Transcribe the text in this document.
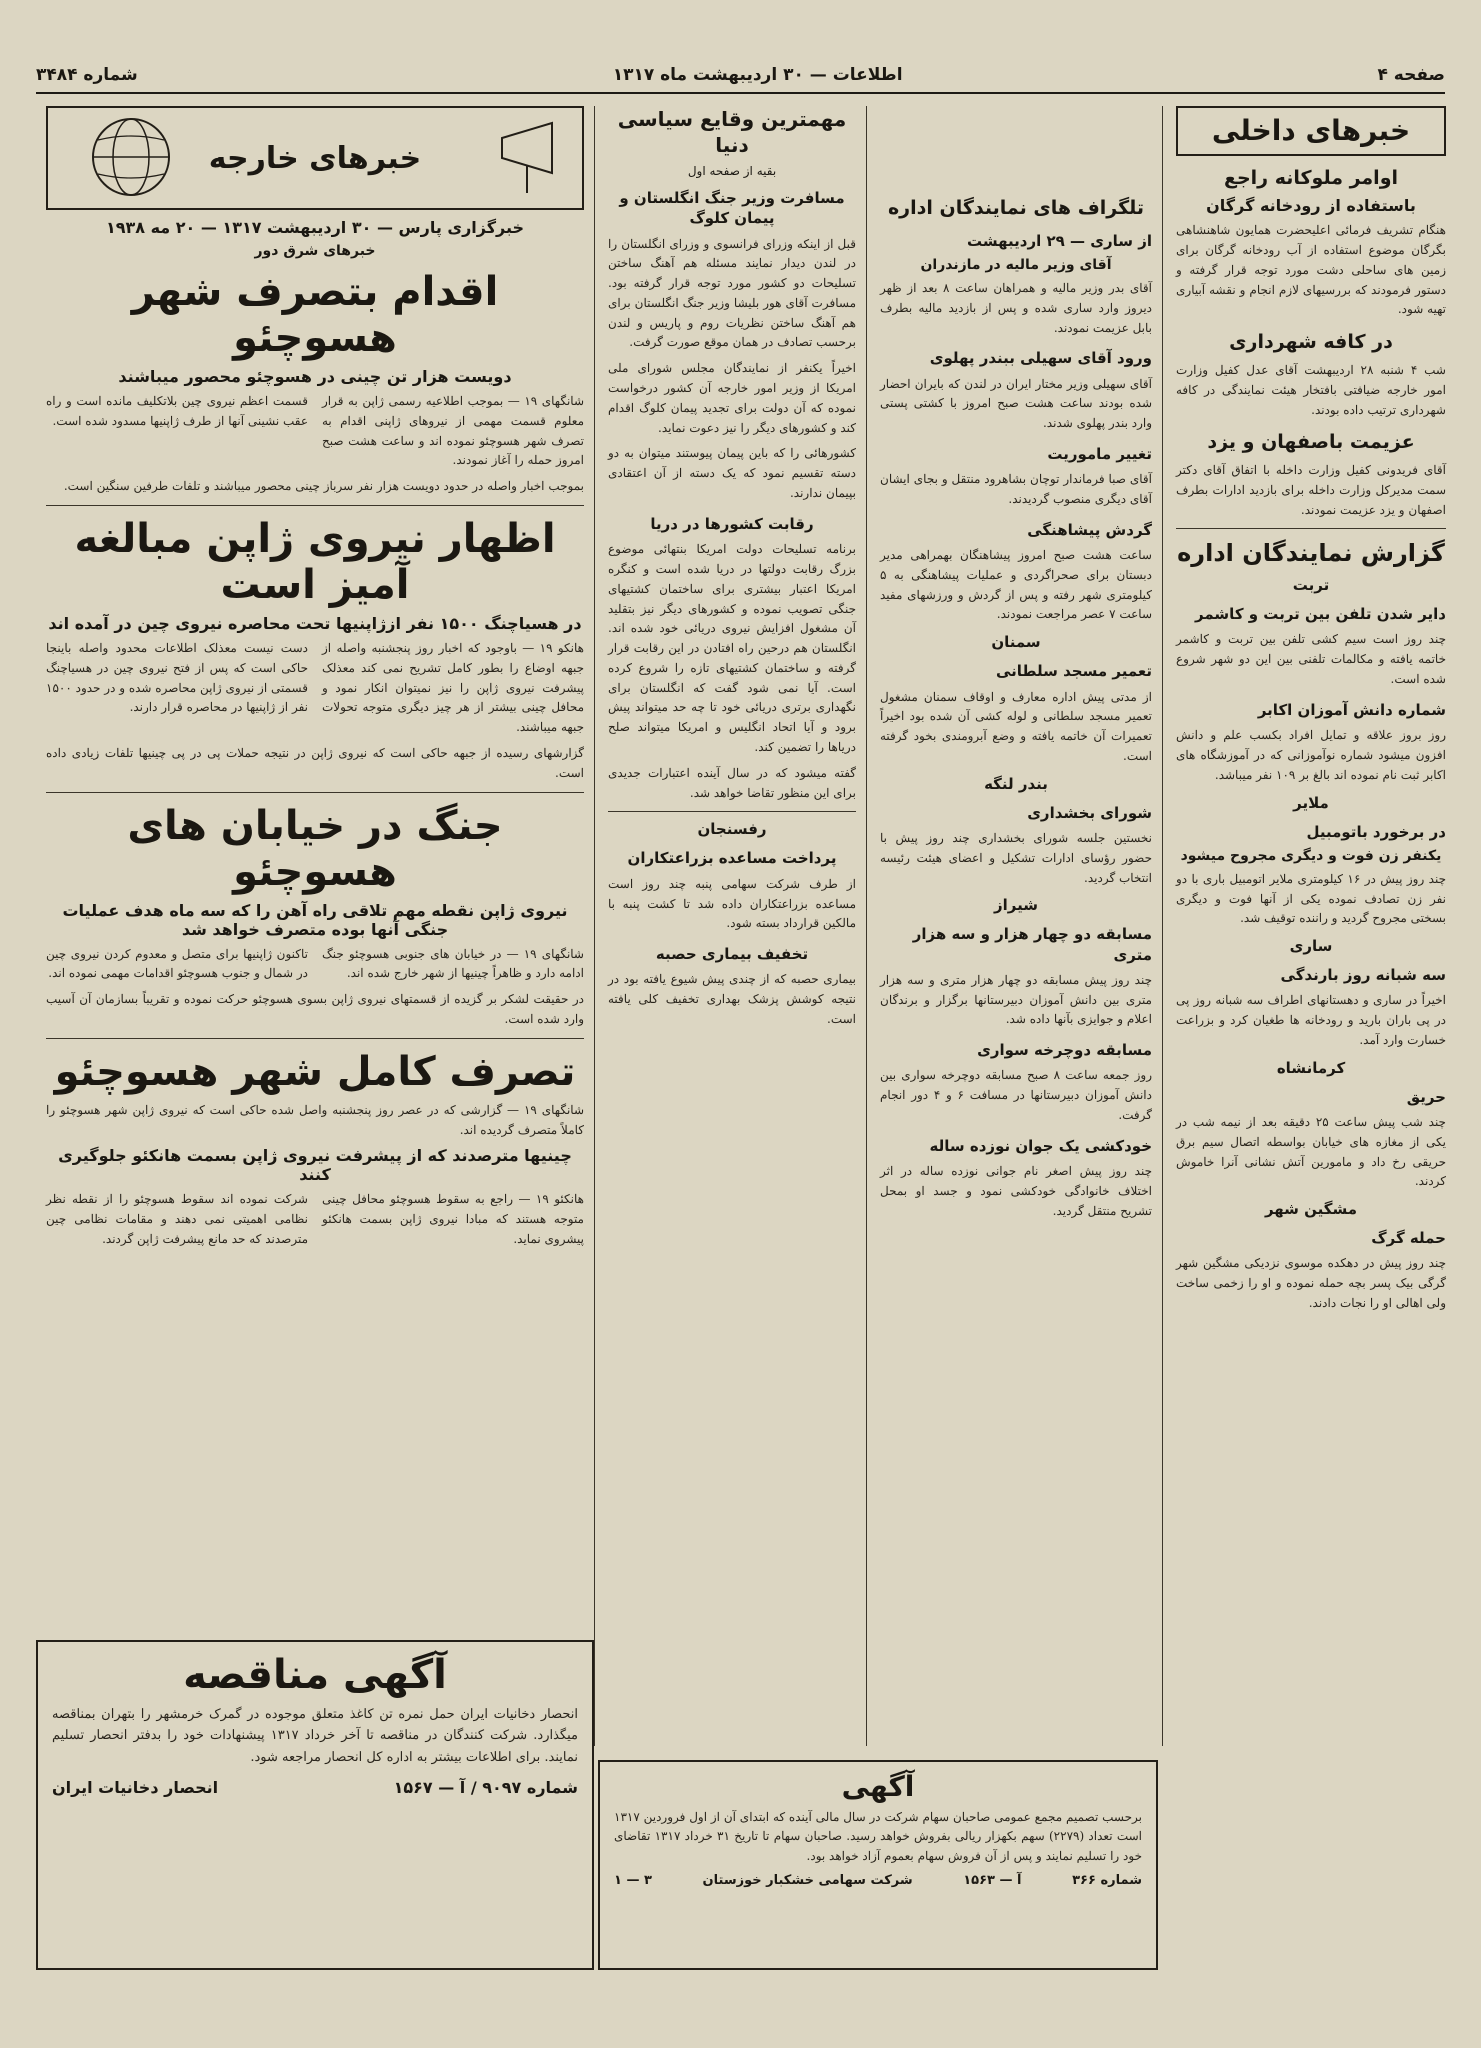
صفحه ۴
اطلاعات — ۳۰ اردیبهشت ماه ۱۳۱۷
شماره ۳۴۸۴
خبرهای داخلی
اوامر ملوکانه راجع
باستفاده از رودخانه گرگان

هنگام تشریف فرمائی اعلیحضرت همایون شاهنشاهی بگرگان موضوع استفاده از آب رودخانه گرگان برای زمین های ساحلی دشت مورد توجه قرار گرفته و دستور فرمودند که بررسیهای لازم انجام و نقشه آبیاری تهیه شود.

در کافه شهرداری

شب ۴ شنبه ۲۸ اردیبهشت آقای عدل کفیل وزارت امور خارجه ضیافتی بافتخار هیئت نمایندگی در کافه شهرداری ترتیب داده بودند.

عزیمت باصفهان و یزد

آقای فریدونی کفیل وزارت داخله با اتفاق آقای دکتر سمت مدیرکل وزارت داخله برای بازدید ادارات بطرف اصفهان و یزد عزیمت نمودند.

گزارش نمایندگان اداره
تربت
دایر شدن تلفن بین تربت و کاشمر

چند روز است سیم کشی تلفن بین تربت و کاشمر خاتمه یافته و مکالمات تلفنی بین این دو شهر شروع شده است.

شماره دانش آموزان اکابر

روز بروز علاقه و تمایل افراد بکسب علم و دانش افزون میشود شماره نوآموزانی که در آموزشگاه های اکابر ثبت نام نموده اند بالغ بر ۱۰۹ نفر میباشد.

ملایر
در برخورد باتومبیل
یکنفر زن فوت و دیگری مجروح میشود

چند روز پیش در ۱۶ کیلومتری ملایر اتومبیل باری با دو نفر زن تصادف نموده یکی از آنها فوت و دیگری بسختی مجروح گردید و راننده توقیف شد.

ساری
سه شبانه روز بارندگی

اخیراً در ساری و دهستانهای اطراف سه شبانه روز پی در پی باران بارید و رودخانه ها طغیان کرد و بزراعت خسارت وارد آمد.

کرمانشاه
حریق

چند شب پیش ساعت ۲۵ دقیقه بعد از نیمه شب در یکی از مغازه های خیابان بواسطه اتصال سیم برق حریقی رخ داد و مامورین آتش نشانی آنرا خاموش کردند.

مشگین شهر
حمله گرگ

چند روز پیش در دهکده موسوی نزدیکی مشگین شهر گرگی بیک پسر بچه حمله نموده و او را زخمی ساخت ولی اهالی او را نجات دادند.

تلگراف های نمایندگان اداره
از ساری — ۲۹ اردیبهشت
آقای وزیر مالیه در مازندران

آقای بدر وزیر مالیه و همراهان ساعت ۸ بعد از ظهر دیروز وارد ساری شده و پس از بازدید مالیه بطرف بابل عزیمت نمودند.

ورود آقای سهیلی ببندر پهلوی

آقای سهیلی وزیر مختار ایران در لندن که بایران احضار شده بودند ساعت هشت صبح امروز با کشتی پستی وارد بندر پهلوی شدند.

تغییر ماموریت

آقای صبا فرماندار توچان بشاهرود منتقل و بجای ایشان آقای دیگری منصوب گردیدند.

گردش پیشاهنگی

ساعت هشت صبح امروز پیشاهنگان بهمراهی مدیر دبستان برای صحراگردی و عملیات پیشاهنگی به ۵ کیلومتری شهر رفته و پس از گردش و ورزشهای مفید ساعت ۷ عصر مراجعت نمودند.

سمنان
تعمیر مسجد سلطانی

از مدتی پیش اداره معارف و اوقاف سمنان مشغول تعمیر مسجد سلطانی و لوله کشی آن شده بود اخیراً تعمیرات آن خاتمه یافته و وضع آبرومندی بخود گرفته است.

بندر لنگه
شورای بخشداری

نخستین جلسه شورای بخشداری چند روز پیش با حضور رؤسای ادارات تشکیل و اعضای هیئت رئیسه انتخاب گردید.

شیراز
مسابقه دو چهار هزار و سه هزار متری

چند روز پیش مسابقه دو چهار هزار متری و سه هزار متری بین دانش آموزان دبیرستانها برگزار و برندگان اعلام و جوایزی بآنها داده شد.

مسابقه دوچرخه سواری

روز جمعه ساعت ۸ صبح مسابقه دوچرخه سواری بین دانش آموزان دبیرستانها در مسافت ۶ و ۴ دور انجام گرفت.

خودکشی یک جوان نوزده ساله

چند روز پیش اصغر نام جوانی نوزده ساله در اثر اختلاف خانوادگی خودکشی نمود و جسد او بمحل تشریح منتقل گردید.

مهمترین وقایع سیاسی دنیا
بقیه از صفحه اول
مسافرت وزیر جنگ انگلستان و پیمان کلوگ

قبل از اینکه وزرای فرانسوی و وزرای انگلستان را در لندن دیدار نمایند مسئله هم آهنگ ساختن تسلیحات دو کشور مورد توجه قرار گرفته بود. مسافرت آقای هور بلیشا وزیر جنگ انگلستان برای هم آهنگ ساختن نظریات روم و پاریس و لندن برحسب تصادف در همان موقع صورت گرفت.

اخیراً یکنفر از نمایندگان مجلس شورای ملی امریکا از وزیر امور خارجه آن کشور درخواست نموده که آن دولت برای تجدید پیمان کلوگ اقدام کند و کشورهای دیگر را نیز دعوت نماید.

کشورهائی را که باین پیمان پیوستند میتوان به دو دسته تقسیم نمود که یک دسته از آن اعتقادی بپیمان ندارند.

رقابت کشورها در دریا

برنامه تسلیحات دولت امریکا بنتهائی موضوع بزرگ رقابت دولتها در دریا شده است و کنگره امریکا اعتبار بیشتری برای ساختمان کشتیهای جنگی تصویب نموده و کشورهای دیگر نیز بتقلید آن مشغول افزایش نیروی دریائی خود شده اند. انگلستان هم درحین راه افتادن در این رقابت قرار گرفته و ساختمان کشتیهای تازه را شروع کرده است. آیا نمی شود گفت که انگلستان برای نگهداری برتری دریائی خود تا چه حد میتواند پیش برود و آیا اتحاد انگلیس و امریکا میتواند صلح دریاها را تضمین کند.

گفته میشود که در سال آینده اعتبارات جدیدی برای این منظور تقاضا خواهد شد.

رفسنجان
پرداخت مساعده بزراعتکاران

از طرف شرکت سهامی پنبه چند روز است مساعده بزراعتکاران داده شد تا کشت پنبه با مالکین قرارداد بسته شود.

تخفیف بیماری حصبه

بیماری حصبه که از چندی پیش شیوع یافته بود در نتیجه کوشش پزشک بهداری تخفیف کلی یافته است.

خبرهای خارجه
خبرگزاری پارس — ۳۰ اردیبهشت ۱۳۱۷ — ۲۰ مه ۱۹۳۸
خبرهای شرق دور
اقدام بتصرف شهر هسوچئو
دویست هزار تن چینی در هسوچئو محصور میباشند

شانگهای ۱۹ — بموجب اطلاعیه رسمی ژاپن به قرار معلوم قسمت مهمی از نیروهای ژاپنی اقدام به تصرف شهر هسوچئو نموده اند و ساعت هشت صبح امروز حمله را آغاز نمودند.

قسمت اعظم نیروی چین بلاتکلیف مانده است و راه عقب نشینی آنها از طرف ژاپنیها مسدود شده است.

بموجب اخبار واصله در حدود دویست هزار نفر سرباز چینی محصور میباشند و تلفات طرفین سنگین است.

اظهار نیروی ژاپن مبالغه آمیز است
در هسیاچنگ ۱۵۰۰ نفر ازژاپنیها تحت محاصره نیروی چین در آمده اند

هانکو ۱۹ — باوجود که اخبار روز پنجشنبه واصله از جبهه اوضاع را بطور کامل تشریح نمی کند معذلک پیشرفت نیروی ژاپن را نیز نمیتوان انکار نمود و محافل چینی بیشتر از هر چیز دیگری متوجه تحولات جبهه میباشند.

دست نیست معذلک اطلاعات محدود واصله باینجا حاکی است که پس از فتح نیروی چین در هسیاچنگ قسمتی از نیروی ژاپن محاصره شده و در حدود ۱۵۰۰ نفر از ژاپنیها در محاصره قرار دارند.

گزارشهای رسیده از جبهه حاکی است که نیروی ژاپن در نتیجه حملات پی در پی چینیها تلفات زیادی داده است.

جنگ در خیابان های هسوچئو
نیروی ژاپن نقطه مهم تلاقی راه آهن را که سه ماه هدف عملیات جنگی آنها بوده متصرف خواهد شد

شانگهای ۱۹ — در خیابان های جنوبی هسوچئو جنگ ادامه دارد و ظاهراً چینیها از شهر خارج شده اند.

تاکنون ژاپنیها برای متصل و معدوم کردن نیروی چین در شمال و جنوب هسوچئو اقدامات مهمی نموده اند.

در حقیقت لشکر بر گزیده از قسمتهای نیروی ژاپن بسوی هسوچئو حرکت نموده و تقریباً بسازمان آن آسیب وارد شده است.

تصرف کامل شهر هسوچئو

شانگهای ۱۹ — گزارشی که در عصر روز پنجشنبه واصل شده حاکی است که نیروی ژاپن شهر هسوچئو را کاملاً متصرف گردیده اند.

چینیها مترصدند که از پیشرفت نیروی ژاپن بسمت هانکئو جلوگیری کنند

هانکئو ۱۹ — راجع به سقوط هسوچئو محافل چینی متوجه هستند که مبادا نیروی ژاپن بسمت هانکئو پیشروی نماید.

شرکت نموده اند سقوط هسوچئو را از نقطه نظر نظامی اهمیتی نمی دهند و مقامات نظامی چین مترصدند که حد مانع پیشرفت ژاپن گردند.

آگهی مناقصه

انحصار دخانیات ایران حمل نمره تن کاغذ متعلق موجوده در گمرک خرمشهر را بتهران بمناقصه میگذارد. شرکت کنندگان در مناقصه تا آخر خرداد ۱۳۱۷ پیشنهادات خود را بدفتر انحصار تسلیم نمایند. برای اطلاعات بیشتر به اداره کل انحصار مراجعه شود.

شماره ۹۰۹۷ / آ — ۱۵۶۷
انحصار دخانیات ایران	آگهی

برحسب تصمیم مجمع عمومی صاحبان سهام شرکت در سال مالی آینده که ابتدای آن از اول فروردین ۱۳۱۷ است تعداد (۲۲۷۹) سهم بکهزار ریالی بفروش خواهد رسید. صاحبان سهام تا تاریخ ۳۱ خرداد ۱۳۱۷ تقاضای خود را تسلیم نمایند و پس از آن فروش سهام بعموم آزاد خواهد بود.

شماره ۳۶۶
آ — ۱۵۶۳
شرکت سهامی خشکبار خوزستان
۳ — ۱
